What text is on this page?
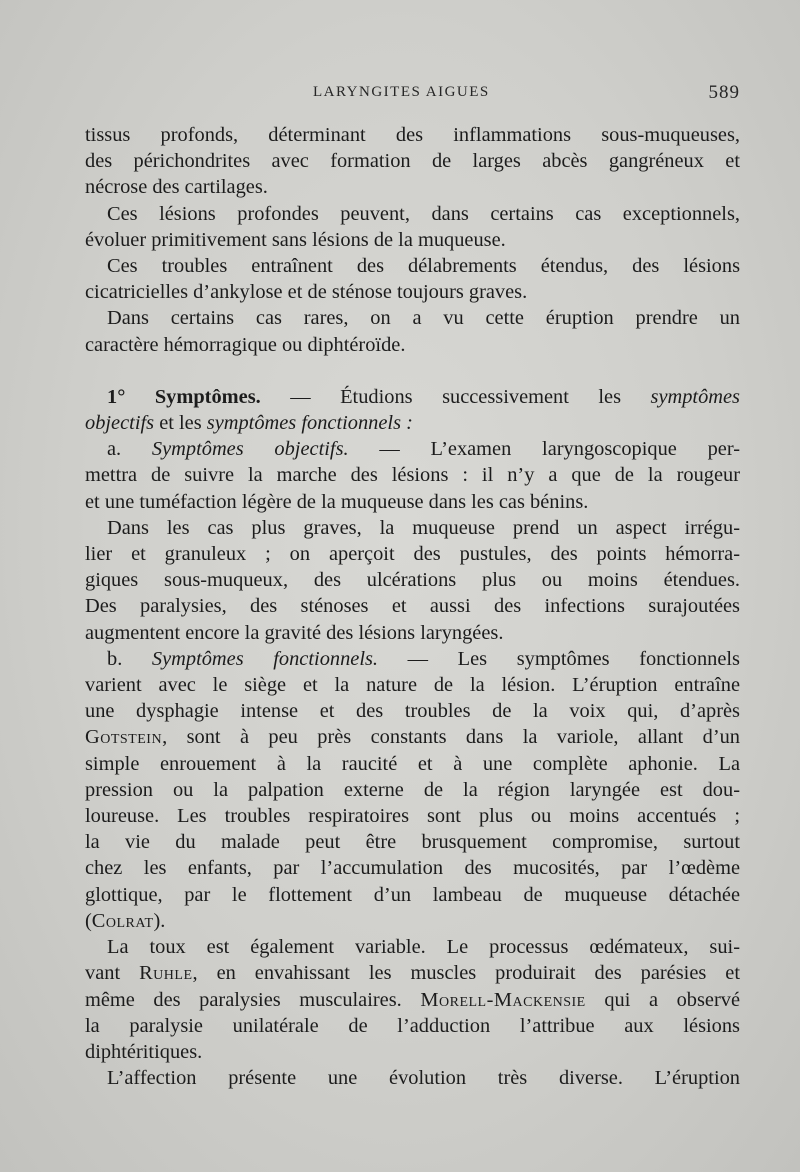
LARYNGITES AIGUES	589
tissus profonds, déterminant des inflammations sous-muqueuses,
des périchondrites avec formation de larges abcès gangréneux et
nécrose des cartilages.
Ces lésions profondes peuvent, dans certains cas exceptionnels,
évoluer primitivement sans lésions de la muqueuse.
Ces troubles entraînent des délabrements étendus, des lésions
cicatricielles d’ankylose et de sténose toujours graves.
Dans certains cas rares, on a vu cette éruption prendre un
caractère hémorragique ou diphtéroïde.
1° Symptômes. — Étudions successivement les symptômes
objectifs et les symptômes fonctionnels :
a. Symptômes objectifs. — L’examen laryngoscopique per-
mettra de suivre la marche des lésions : il n’y a que de la rougeur
et une tuméfaction légère de la muqueuse dans les cas bénins.
Dans les cas plus graves, la muqueuse prend un aspect irrégu-
lier et granuleux ; on aperçoit des pustules, des points hémorra-
giques sous-muqueux, des ulcérations plus ou moins étendues.
Des paralysies, des sténoses et aussi des infections surajoutées
augmentent encore la gravité des lésions laryngées.
b. Symptômes fonctionnels. — Les symptômes fonctionnels
varient avec le siège et la nature de la lésion. L’éruption entraîne
une dysphagie intense et des troubles de la voix qui, d’après
Gotstein, sont à peu près constants dans la variole, allant d’un
simple enrouement à la raucité et à une complète aphonie. La
pression ou la palpation externe de la région laryngée est dou-
loureuse. Les troubles respiratoires sont plus ou moins accentués ;
la vie du malade peut être brusquement compromise, surtout
chez les enfants, par l’accumulation des mucosités, par l’œdème
glottique, par le flottement d’un lambeau de muqueuse détachée
(Colrat).
La toux est également variable. Le processus œdémateux, sui-
vant Ruhle, en envahissant les muscles produirait des parésies et
même des paralysies musculaires. Morell-Mackensie qui a observé
la paralysie unilatérale de l’adduction l’attribue aux lésions
diphtéritiques.
L’affection présente une évolution très diverse. L’éruption
